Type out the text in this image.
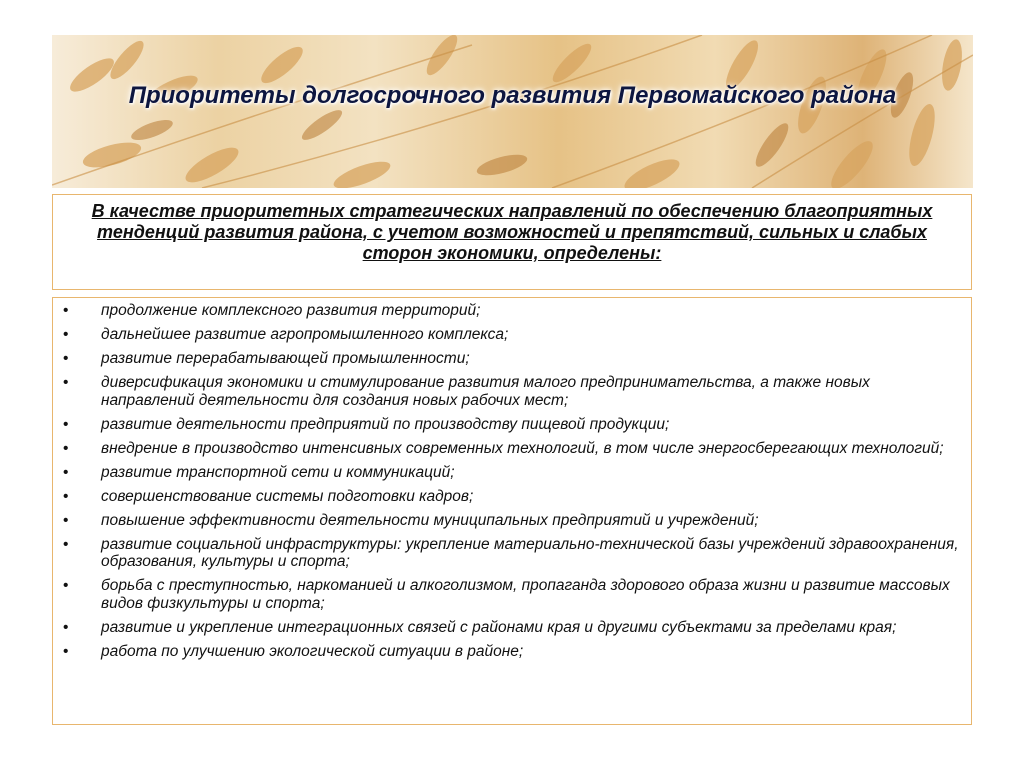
Приоритеты долгосрочного развития Первомайского района
В качестве приоритетных стратегических направлений по обеспечению благоприятных тенденций развития района, с учетом возможностей и препятствий, сильных и слабых сторон экономики, определены:
• продолжение комплексного развития территорий;
• дальнейшее развитие агропромышленного комплекса;
• развитие перерабатывающей промышленности;
• диверсификация экономики и стимулирование развития малого предпринимательства, а также новых направлений деятельности для создания новых рабочих мест;
• развитие деятельности предприятий по производству пищевой продукции;
• внедрение в производство интенсивных современных технологий, в том числе энергосберегающих технологий;
• развитие транспортной сети и коммуникаций;
• совершенствование системы подготовки кадров;
• повышение эффективности деятельности муниципальных предприятий и учреждений;
• развитие социальной инфраструктуры: укрепление материально-технической базы учреждений здравоохранения, образования, культуры и спорта;
• борьба с преступностью, наркоманией и алкоголизмом, пропаганда здорового образа жизни и развитие массовых видов физкультуры и спорта;
• развитие и укрепление интеграционных связей с районами края и другими субъектами за пределами края;
• работа по улучшению экологической ситуации в районе;
